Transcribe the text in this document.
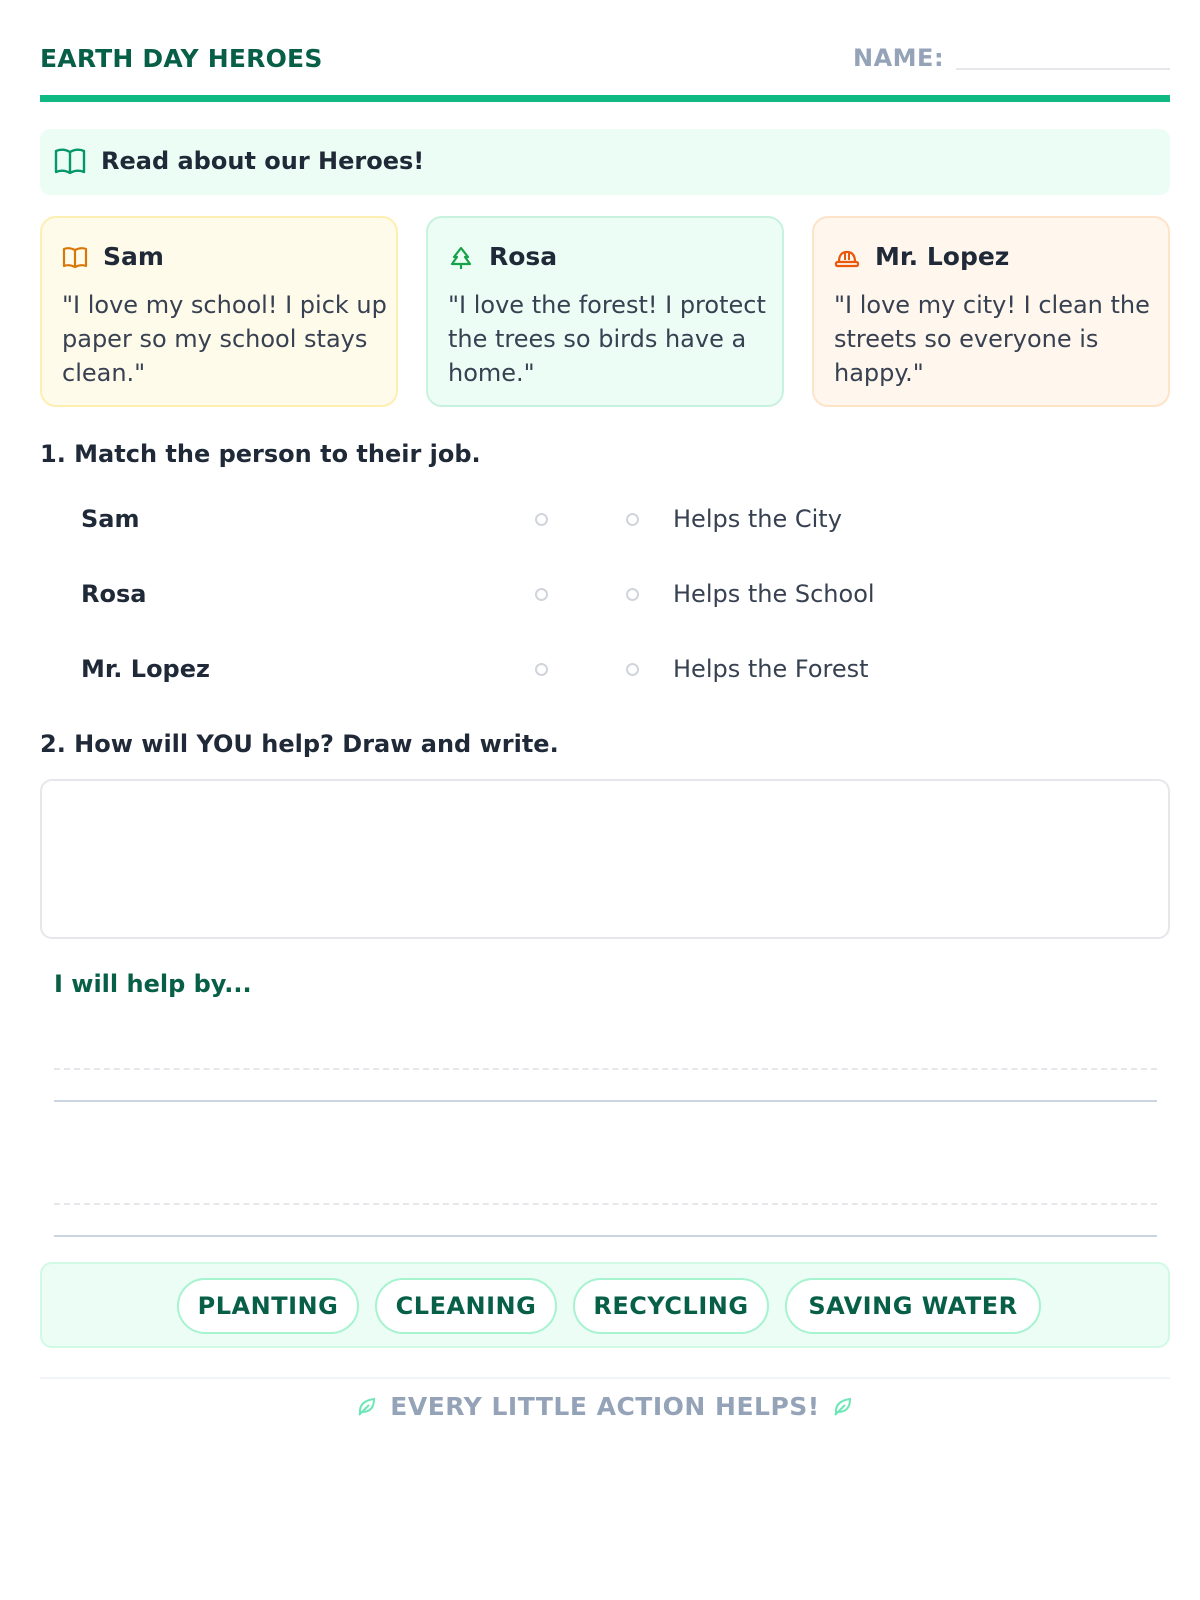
EARTH DAY HEROES	NAME:
Read about our Heroes!
Sam
"I love my school! I pick up paper so my school stays clean."
Rosa
"I love the forest! I protect the trees so birds have a home."
Mr. Lopez
"I love my city! I clean the streets so everyone is happy."
1. Match the person to their job.
Sam	Helps the City
Rosa	Helps the School
Mr. Lopez	Helps the Forest
2. How will YOU help? Draw and write.
I will help by...
PLANTING	CLEANING	RECYCLING	SAVING WATER
EVERY LITTLE ACTION HELPS!
